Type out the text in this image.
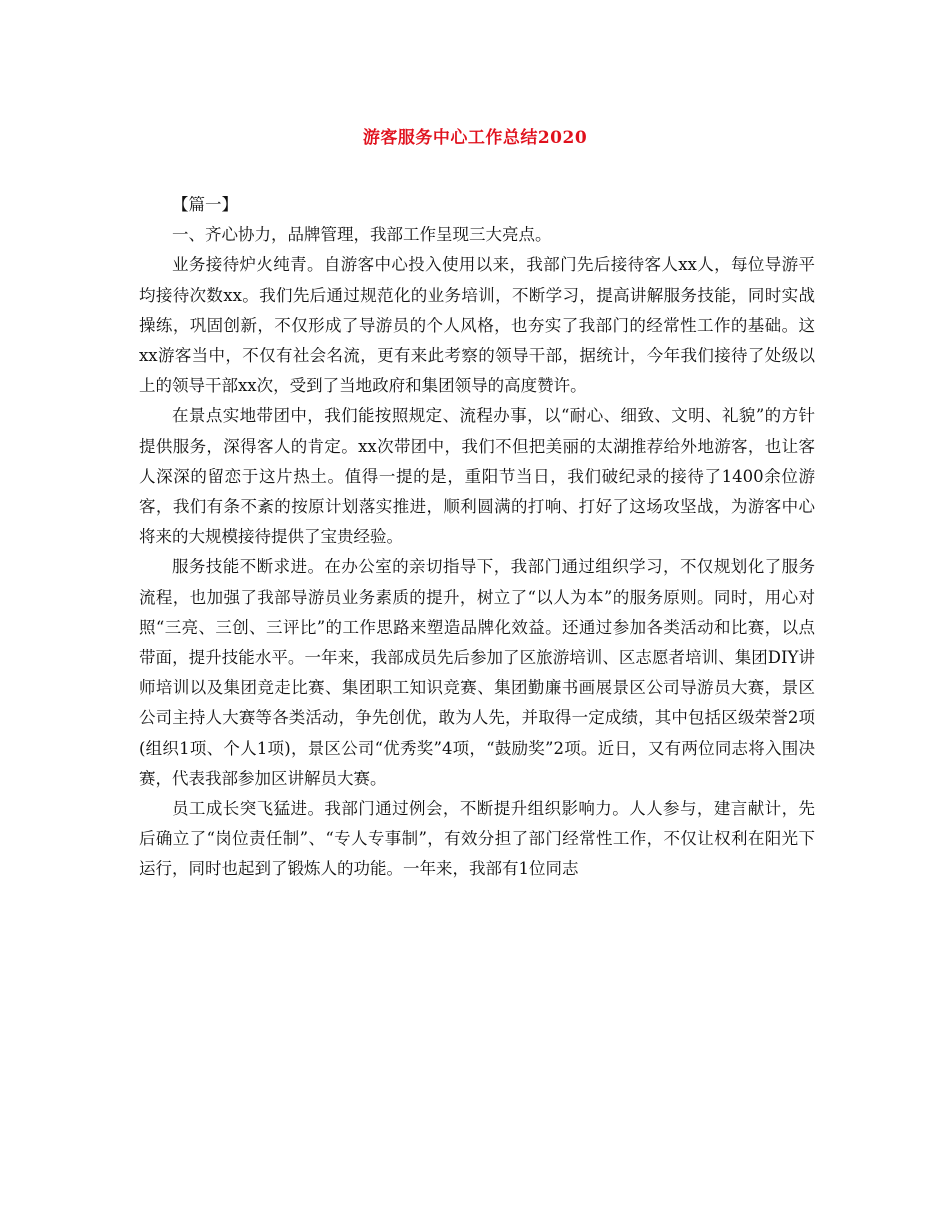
游客服务中心工作总结2020

【篇一】

一、齐心协力，品牌管理，我部工作呈现三大亮点。

业务接待炉火纯青。自游客中心投入使用以来，我部门先后接待客人xx人，每位导游平均接待次数xx。我们先后通过规范化的业务培训，不断学习，提高讲解服务技能，同时实战操练，巩固创新，不仅形成了导游员的个人风格，也夯实了我部门的经常性工作的基础。这xx游客当中，不仅有社会名流，更有来此考察的领导干部，据统计，今年我们接待了处级以上的领导干部xx次，受到了当地政府和集团领导的高度赞许。

在景点实地带团中，我们能按照规定、流程办事，以“耐心、细致、文明、礼貌”的方针提供服务，深得客人的肯定。xx次带团中，我们不但把美丽的太湖推荐给外地游客，也让客人深深的留恋于这片热土。值得一提的是，重阳节当日，我们破纪录的接待了1400余位游客，我们有条不紊的按原计划落实推进，顺利圆满的打响、打好了这场攻坚战，为游客中心将来的大规模接待提供了宝贵经验。

服务技能不断求进。在办公室的亲切指导下，我部门通过组织学习，不仅规划化了服务流程，也加强了我部导游员业务素质的提升，树立了“以人为本”的服务原则。同时，用心对照“三亮、三创、三评比”的工作思路来塑造品牌化效益。还通过参加各类活动和比赛，以点带面，提升技能水平。一年来，我部成员先后参加了区旅游培训、区志愿者培训、集团DIY讲师培训以及集团竞走比赛、集团职工知识竞赛、集团勤廉书画展景区公司导游员大赛，景区公司主持人大赛等各类活动，争先创优，敢为人先，并取得一定成绩，其中包括区级荣誉2项(组织1项、个人1项)，景区公司“优秀奖”4项，“鼓励奖”2项。近日，又有两位同志将入围决赛，代表我部参加区讲解员大赛。

员工成长突飞猛进。我部门通过例会，不断提升组织影响力。人人参与，建言献计，先后确立了“岗位责任制”、“专人专事制”，有效分担了部门经常性工作，不仅让权利在阳光下运行，同时也起到了锻炼人的功能。一年来，我部有1位同志
